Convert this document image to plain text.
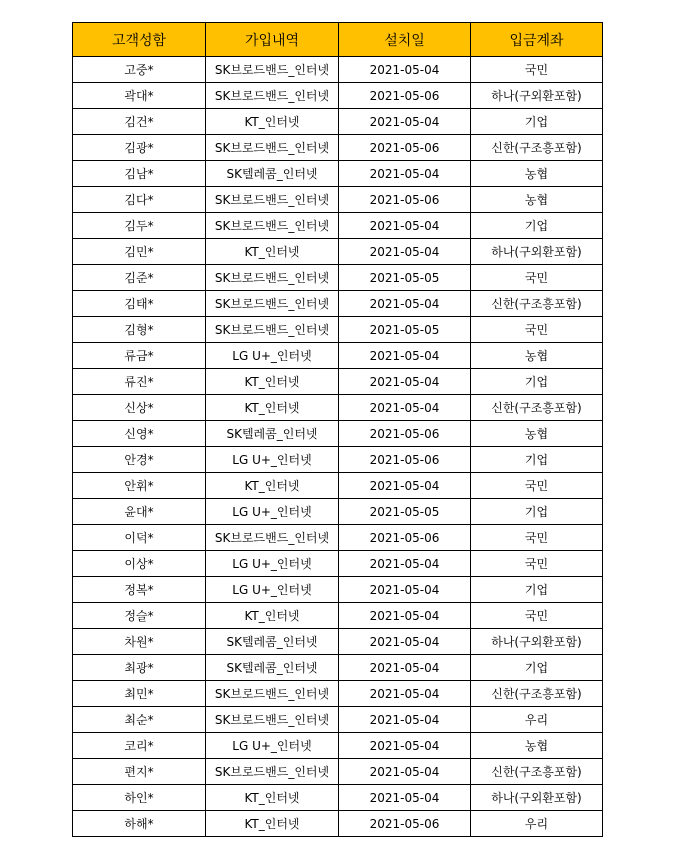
고객성함	가입내역	설치일	입금계좌
고중*	SK브로드밴드_인터넷	2021-05-04	국민
곽대*	SK브로드밴드_인터넷	2021-05-06	하나(구외환포함)
김건*	KT_인터넷	2021-05-04	기업
김광*	SK브로드밴드_인터넷	2021-05-06	신한(구조흥포함)
김남*	SK텔레콤_인터넷	2021-05-04	농협
김다*	SK브로드밴드_인터넷	2021-05-06	농협
김두*	SK브로드밴드_인터넷	2021-05-04	기업
김민*	KT_인터넷	2021-05-04	하나(구외환포함)
김준*	SK브로드밴드_인터넷	2021-05-05	국민
김태*	SK브로드밴드_인터넷	2021-05-04	신한(구조흥포함)
김형*	SK브로드밴드_인터넷	2021-05-05	국민
류금*	LG U+_인터넷	2021-05-04	농협
류진*	KT_인터넷	2021-05-04	기업
신상*	KT_인터넷	2021-05-04	신한(구조흥포함)
신영*	SK텔레콤_인터넷	2021-05-06	농협
안경*	LG U+_인터넷	2021-05-06	기업
안휘*	KT_인터넷	2021-05-04	국민
윤대*	LG U+_인터넷	2021-05-05	기업
이덕*	SK브로드밴드_인터넷	2021-05-06	국민
이상*	LG U+_인터넷	2021-05-04	국민
정복*	LG U+_인터넷	2021-05-04	기업
정슬*	KT_인터넷	2021-05-04	국민
차원*	SK텔레콤_인터넷	2021-05-04	하나(구외환포함)
최광*	SK텔레콤_인터넷	2021-05-04	기업
최민*	SK브로드밴드_인터넷	2021-05-04	신한(구조흥포함)
최순*	SK브로드밴드_인터넷	2021-05-04	우리
코리*	LG U+_인터넷	2021-05-04	농협
편지*	SK브로드밴드_인터넷	2021-05-04	신한(구조흥포함)
하인*	KT_인터넷	2021-05-04	하나(구외환포함)
하해*	KT_인터넷	2021-05-06	우리
